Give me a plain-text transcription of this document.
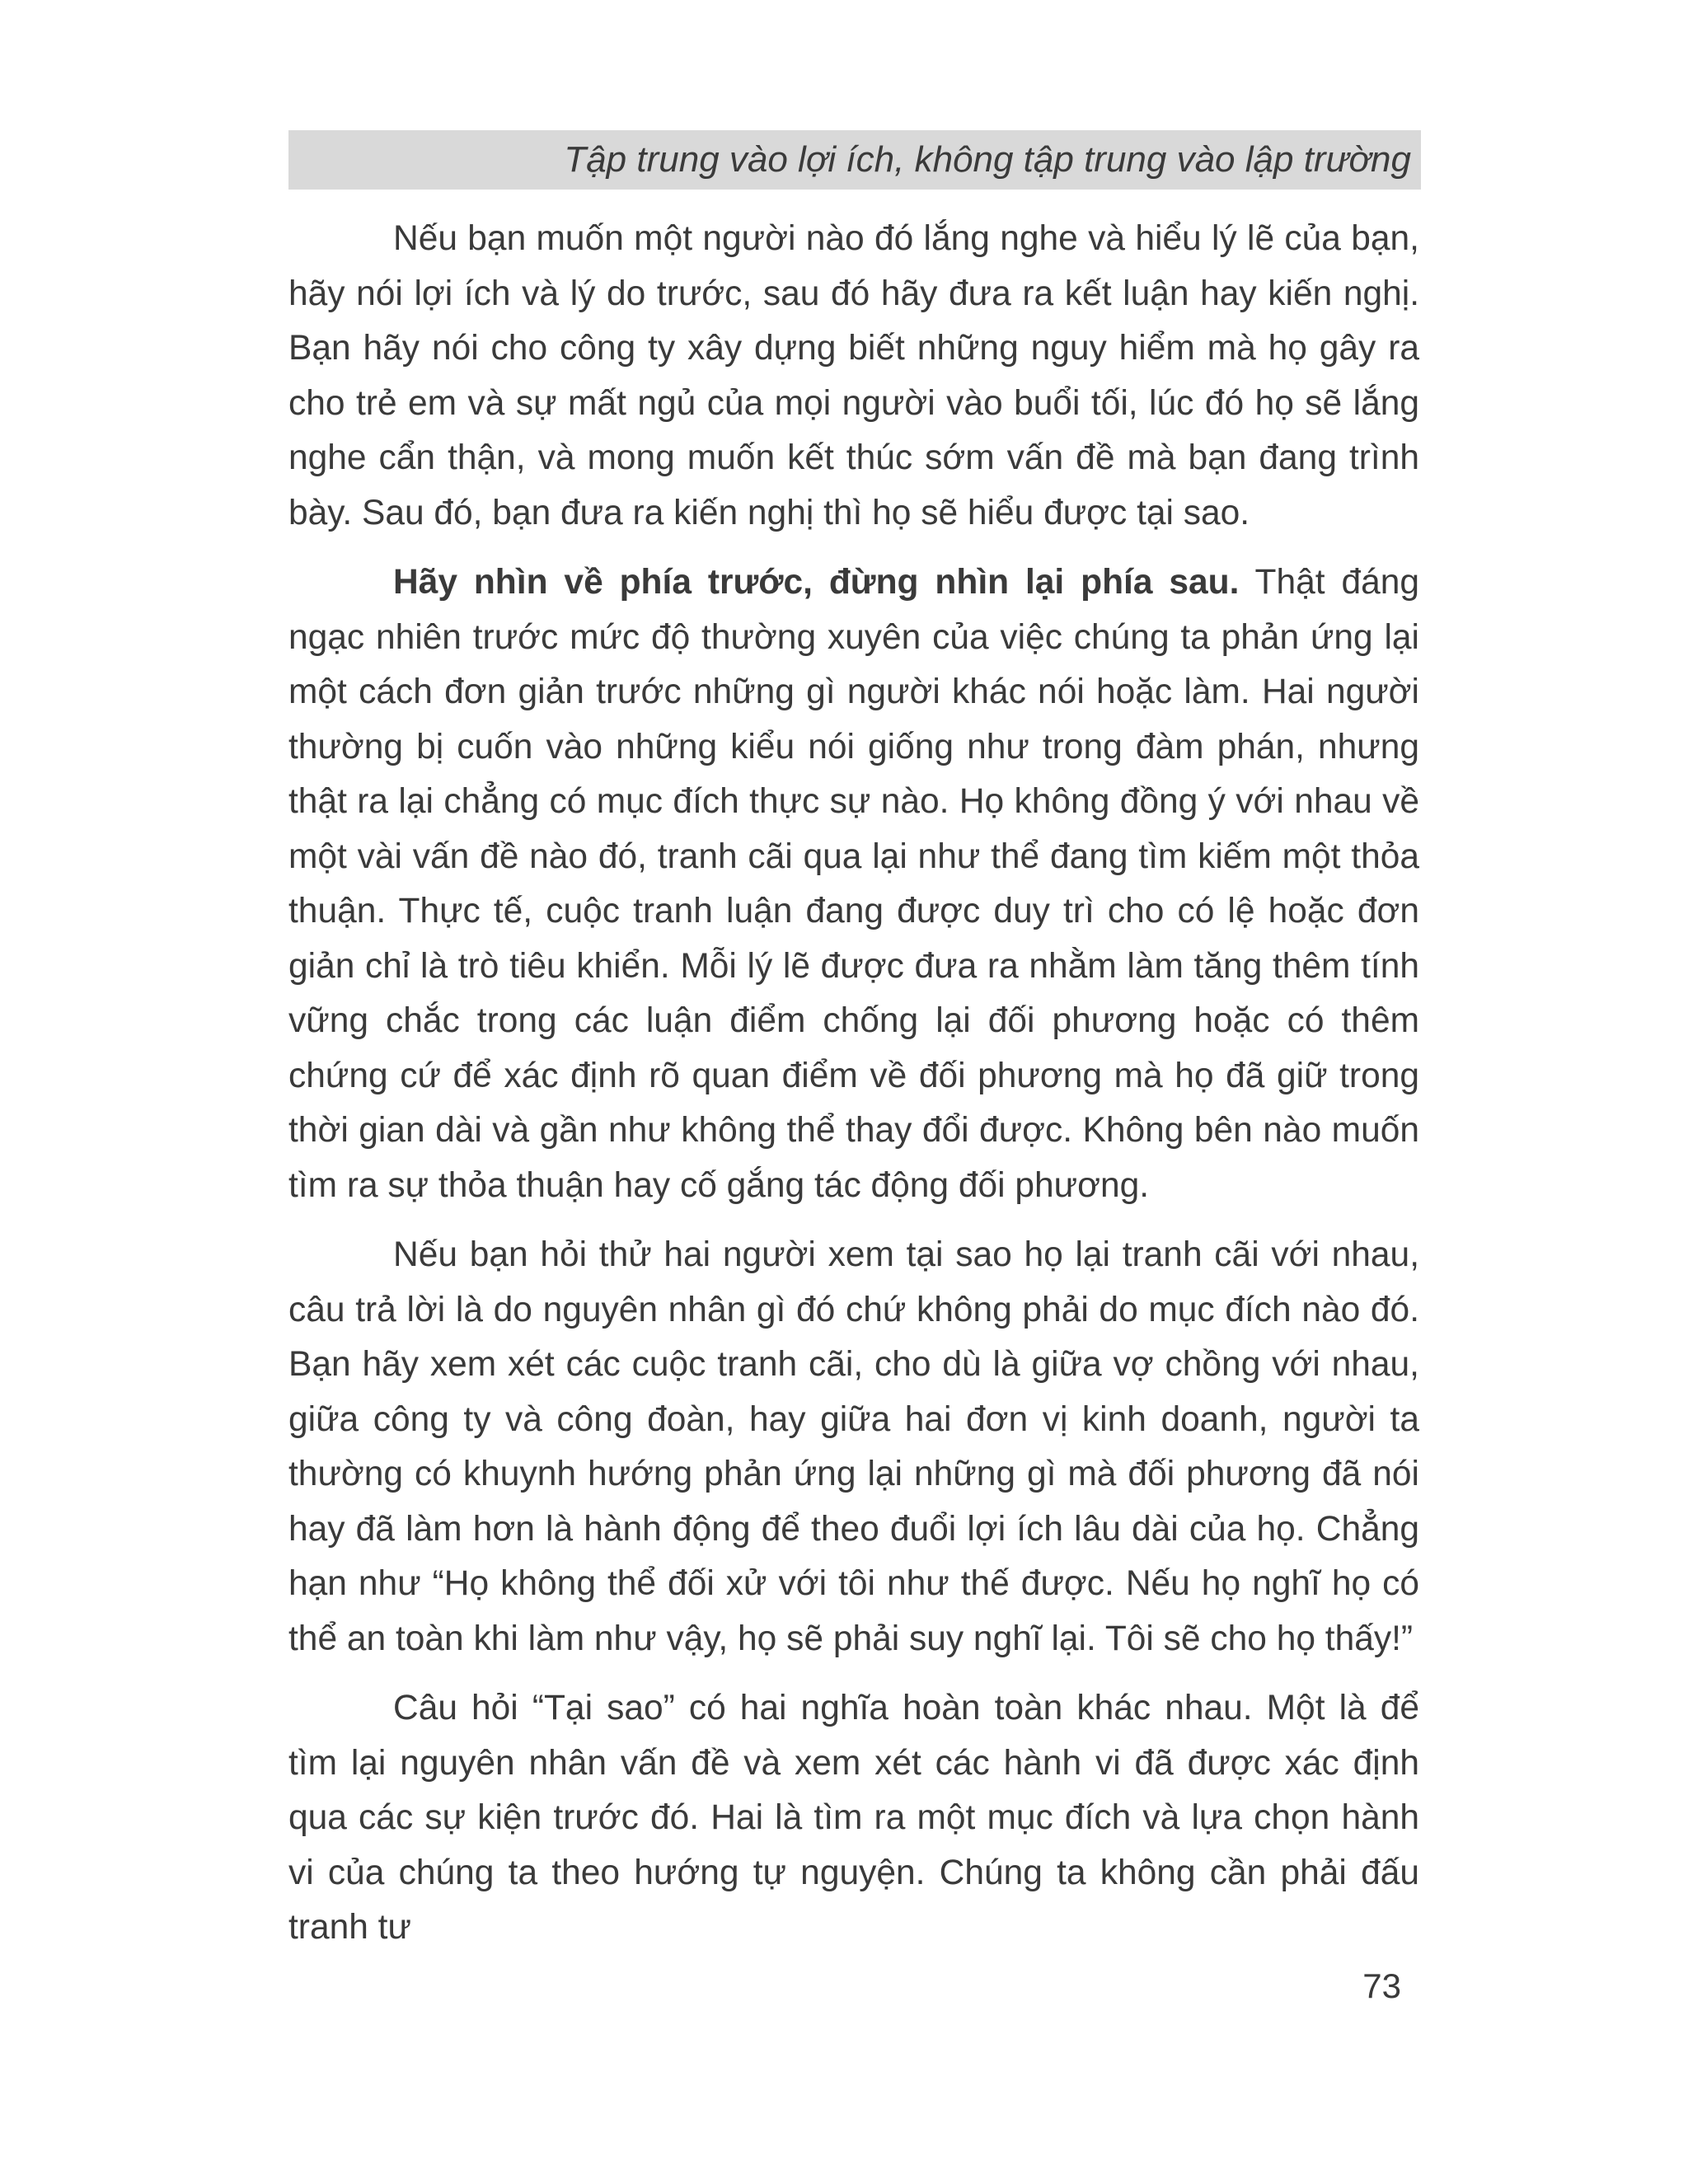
Tập trung vào lợi ích, không tập trung vào lập trường

Nếu bạn muốn một người nào đó lắng nghe và hiểu lý lẽ của bạn, hãy nói lợi ích và lý do trước, sau đó hãy đưa ra kết luận hay kiến nghị. Bạn hãy nói cho công ty xây dựng biết những nguy hiểm mà họ gây ra cho trẻ em và sự mất ngủ của mọi người vào buổi tối, lúc đó họ sẽ lắng nghe cẩn thận, và mong muốn kết thúc sớm vấn đề mà bạn đang trình bày. Sau đó, bạn đưa ra kiến nghị thì họ sẽ hiểu được tại sao.

Hãy nhìn về phía trước, đừng nhìn lại phía sau. Thật đáng ngạc nhiên trước mức độ thường xuyên của việc chúng ta phản ứng lại một cách đơn giản trước những gì người khác nói hoặc làm. Hai người thường bị cuốn vào những kiểu nói giống như trong đàm phán, nhưng thật ra lại chẳng có mục đích thực sự nào. Họ không đồng ý với nhau về một vài vấn đề nào đó, tranh cãi qua lại như thể đang tìm kiếm một thỏa thuận. Thực tế, cuộc tranh luận đang được duy trì cho có lệ hoặc đơn giản chỉ là trò tiêu khiển. Mỗi lý lẽ được đưa ra nhằm làm tăng thêm tính vững chắc trong các luận điểm chống lại đối phương hoặc có thêm chứng cứ để xác định rõ quan điểm về đối phương mà họ đã giữ trong thời gian dài và gần như không thể thay đổi được. Không bên nào muốn tìm ra sự thỏa thuận hay cố gắng tác động đối phương.

Nếu bạn hỏi thử hai người xem tại sao họ lại tranh cãi với nhau, câu trả lời là do nguyên nhân gì đó chứ không phải do mục đích nào đó. Bạn hãy xem xét các cuộc tranh cãi, cho dù là giữa vợ chồng với nhau, giữa công ty và công đoàn, hay giữa hai đơn vị kinh doanh, người ta thường có khuynh hướng phản ứng lại những gì mà đối phương đã nói hay đã làm hơn là hành động để theo đuổi lợi ích lâu dài của họ. Chẳng hạn như “Họ không thể đối xử với tôi như thế được. Nếu họ nghĩ họ có thể an toàn khi làm như vậy, họ sẽ phải suy nghĩ lại. Tôi sẽ cho họ thấy!”

Câu hỏi “Tại sao” có hai nghĩa hoàn toàn khác nhau. Một là để tìm lại nguyên nhân vấn đề và xem xét các hành vi đã được xác định qua các sự kiện trước đó. Hai là tìm ra một mục đích và lựa chọn hành vi của chúng ta theo hướng tự nguyện. Chúng ta không cần phải đấu tranh tư

73
